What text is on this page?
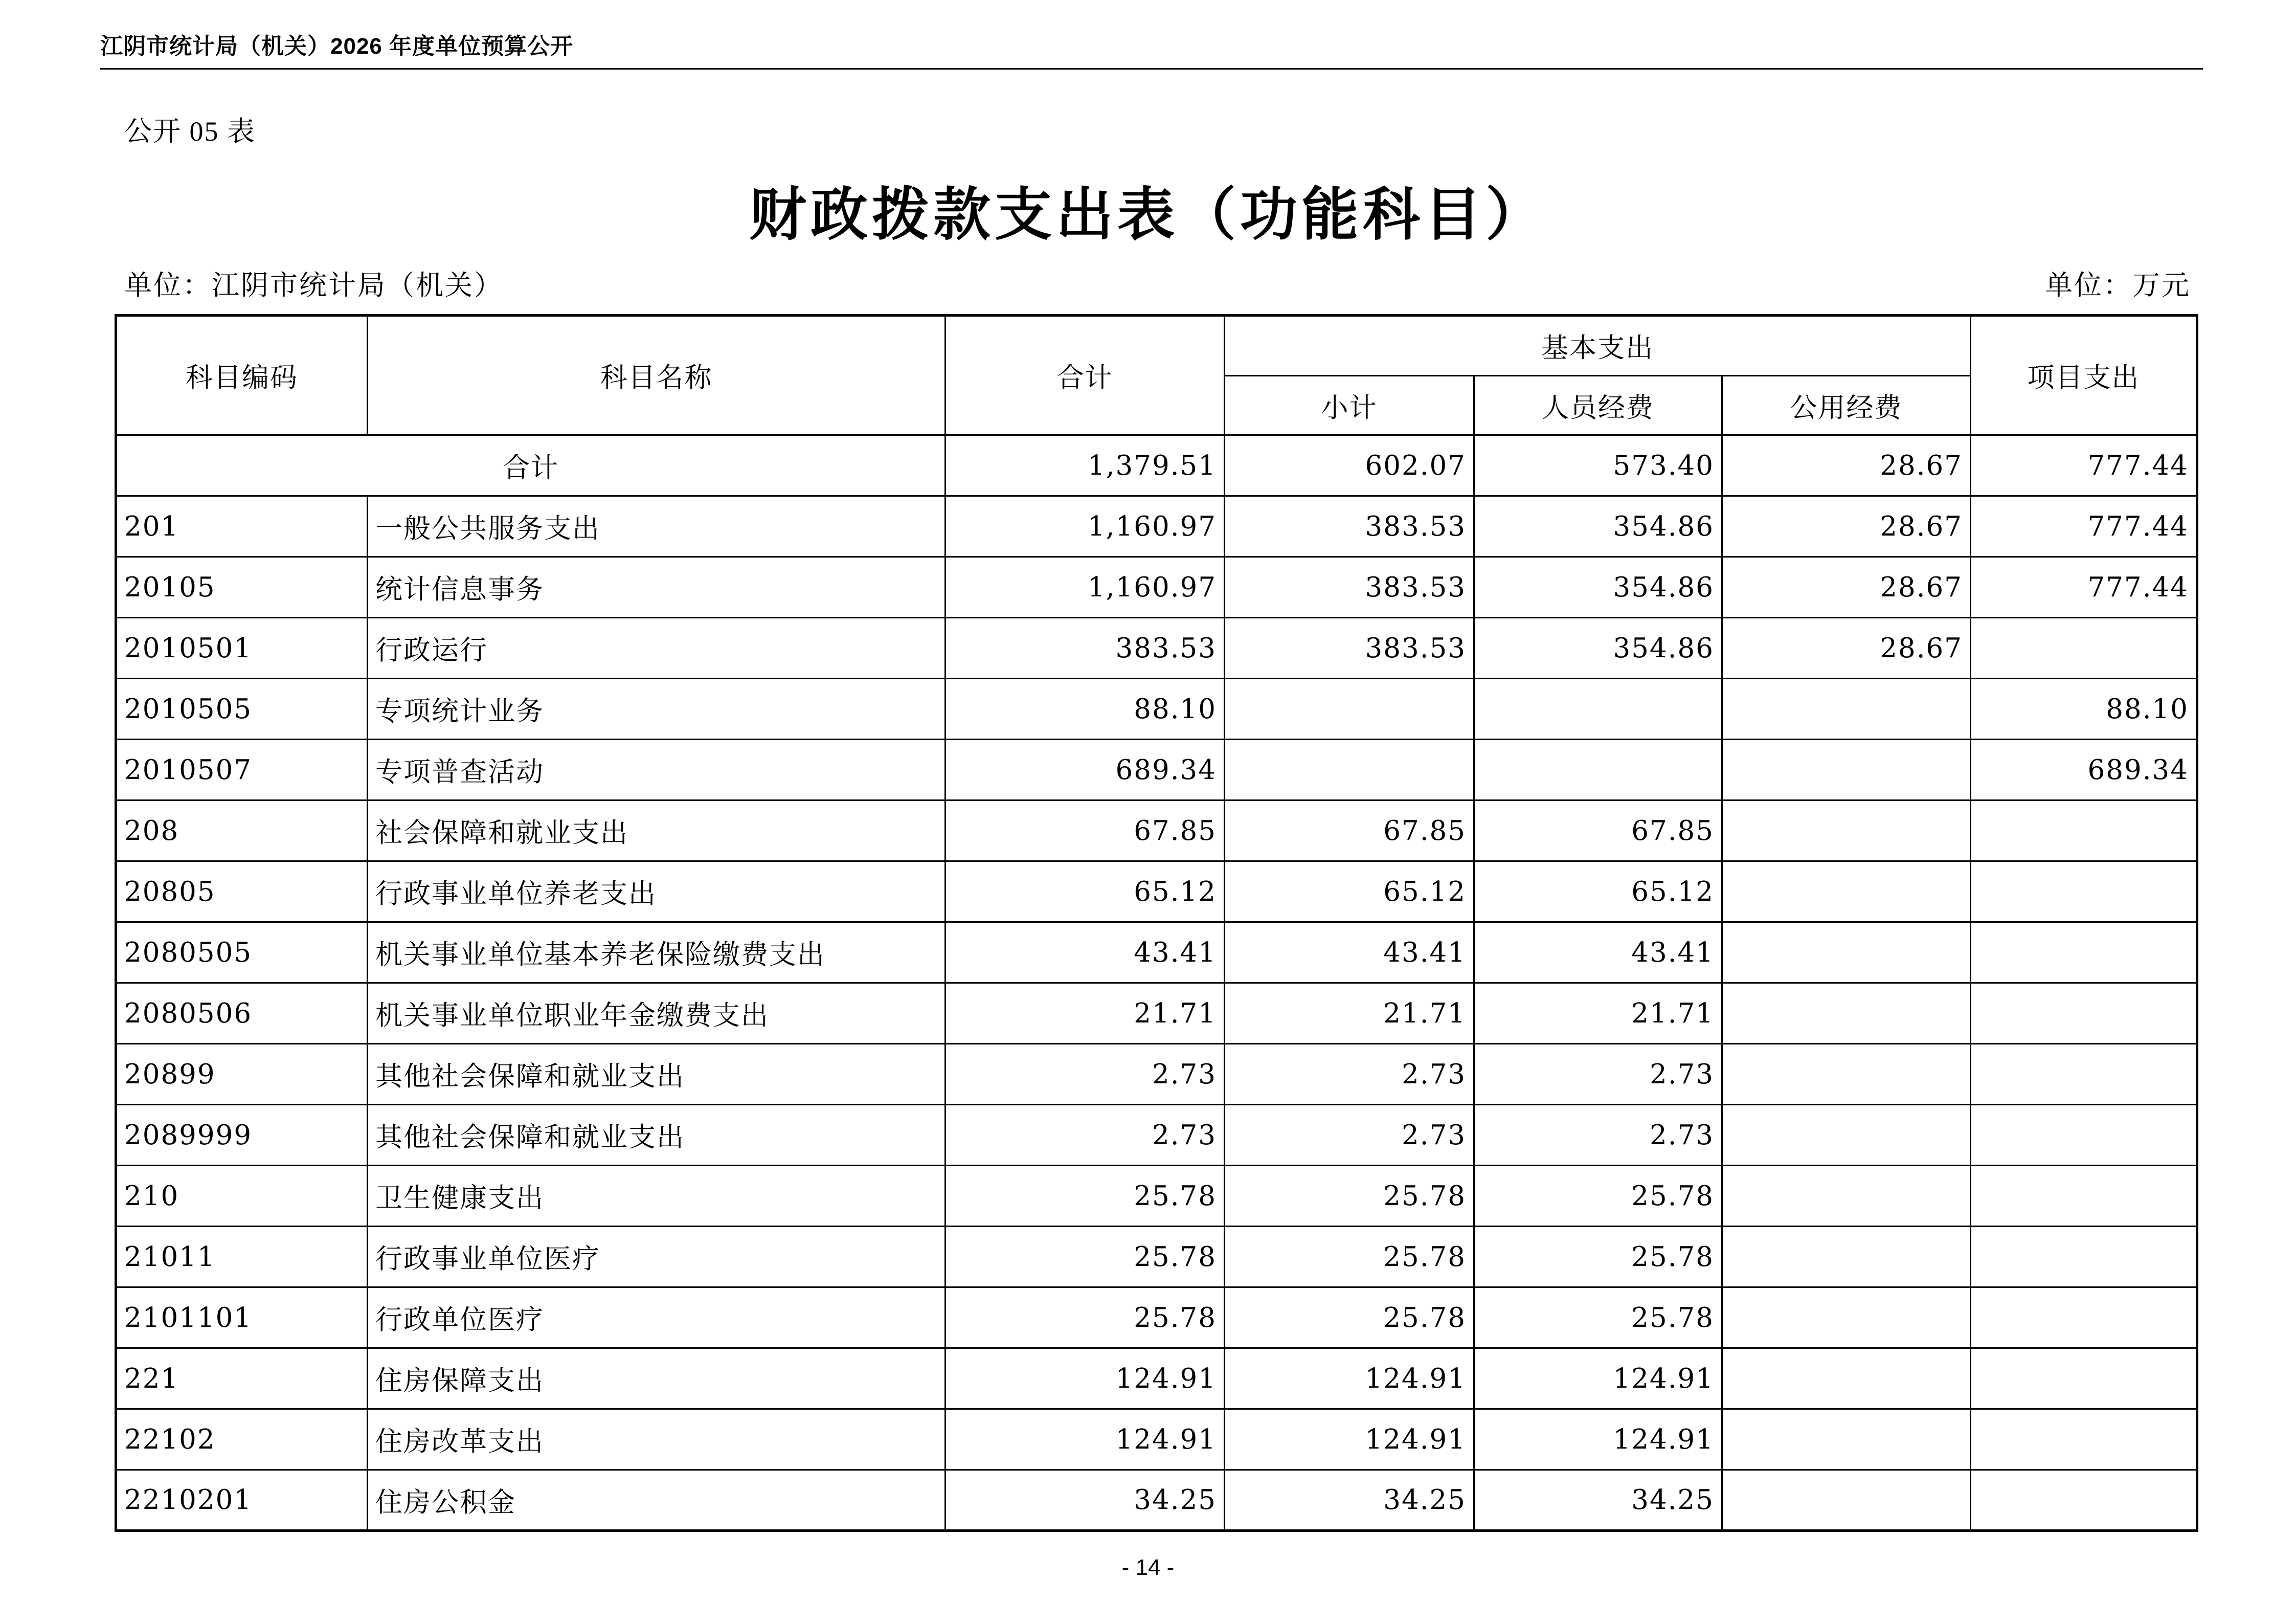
江阴市统计局（机关）2026 年度单位预算公开
公开 05 表
财政拨款支出表（功能科目）
单位：江阴市统计局（机关）	单位：万元
科目编码	科目名称	合计	基本支出			项目支出
			小计	人员经费	公用经费	
合计		1,379.51	602.07	573.40	28.67	777.44
201	一般公共服务支出	1,160.97	383.53	354.86	28.67	777.44
20105	统计信息事务	1,160.97	383.53	354.86	28.67	777.44
2010501	行政运行	383.53	383.53	354.86	28.67	
2010505	专项统计业务	88.10				88.10
2010507	专项普查活动	689.34				689.34
208	社会保障和就业支出	67.85	67.85	67.85		
20805	行政事业单位养老支出	65.12	65.12	65.12		
2080505	机关事业单位基本养老保险缴费支出	43.41	43.41	43.41		
2080506	机关事业单位职业年金缴费支出	21.71	21.71	21.71		
20899	其他社会保障和就业支出	2.73	2.73	2.73		
2089999	其他社会保障和就业支出	2.73	2.73	2.73		
210	卫生健康支出	25.78	25.78	25.78		
21011	行政事业单位医疗	25.78	25.78	25.78		
2101101	行政单位医疗	25.78	25.78	25.78		
221	住房保障支出	124.91	124.91	124.91		
22102	住房改革支出	124.91	124.91	124.91		
2210201	住房公积金	34.25	34.25	34.25		
- 14 -
